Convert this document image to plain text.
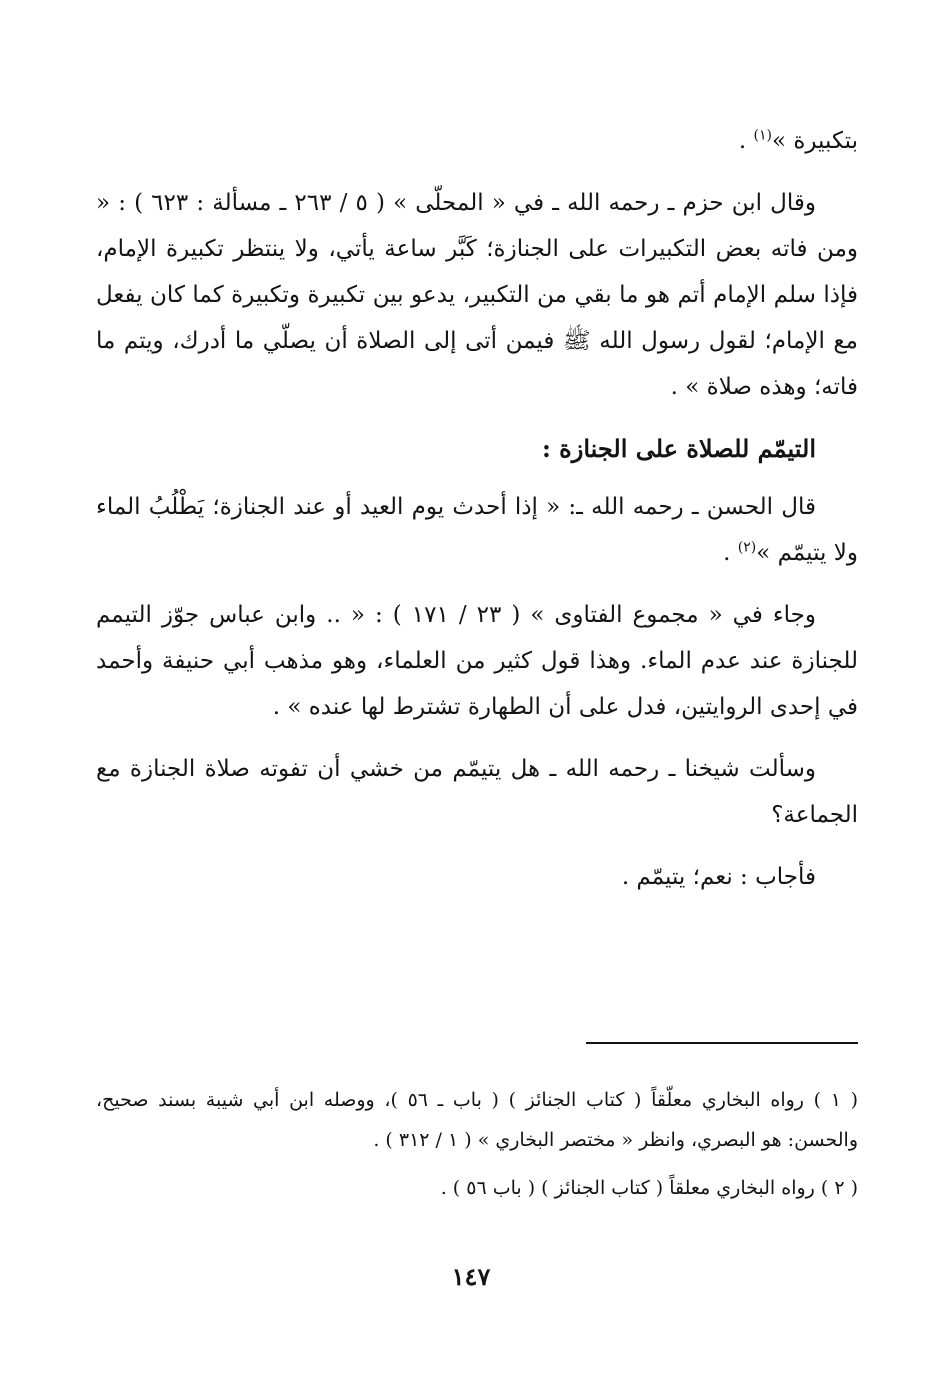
بتكبيرة »$^{(١)}$ .

وقال ابن حزم ـ رحمه الله ـ في « المحلّى » ( ٥ / ٢٦٣ ـ مسألة : ٦٢٣ ) : « ومن فاته بعض التكبيرات على الجنازة؛ كَبَّر ساعة يأتي، ولا ينتظر تكبيرة الإمام، فإذا سلم الإمام أتم هو ما بقي من التكبير، يدعو بين تكبيرة وتكبيرة كما كان يفعل مع الإمام؛ لقول رسول الله ﷺ فيمن أتى إلى الصلاة أن يصلّي ما أدرك، ويتم ما فاته؛ وهذه صلاة » .

التيمّم للصلاة على الجنازة :

قال الحسن ـ رحمه الله ـ: « إذا أحدث يوم العيد أو عند الجنازة؛ يَطْلُبُ الماء ولا يتيمّم »$^{(٢)}$ .

وجاء في « مجموع الفتاوى » ( ٢٣ / ١٧١ ) : « .. وابن عباس جوّز التيمم للجنازة عند عدم الماء. وهذا قول كثير من العلماء، وهو مذهب أبي حنيفة وأحمد في إحدى الروايتين، فدل على أن الطهارة تشترط لها عنده » .

وسألت شيخنا ـ رحمه الله ـ هل يتيمّم من خشي أن تفوته صلاة الجنازة مع الجماعة؟

فأجاب : نعم؛ يتيمّم .

( ١ ) رواه البخاري معلّقاً ( كتاب الجنائز ) ( باب ـ ٥٦ )، ووصله ابن أبي شيبة بسند صحيح، والحسن: هو البصري، وانظر « مختصر البخاري » ( ١ / ٣١٢ ) .

( ٢ ) رواه البخاري معلقاً ( كتاب الجنائز ) ( باب ٥٦ ) .

١٤٧
